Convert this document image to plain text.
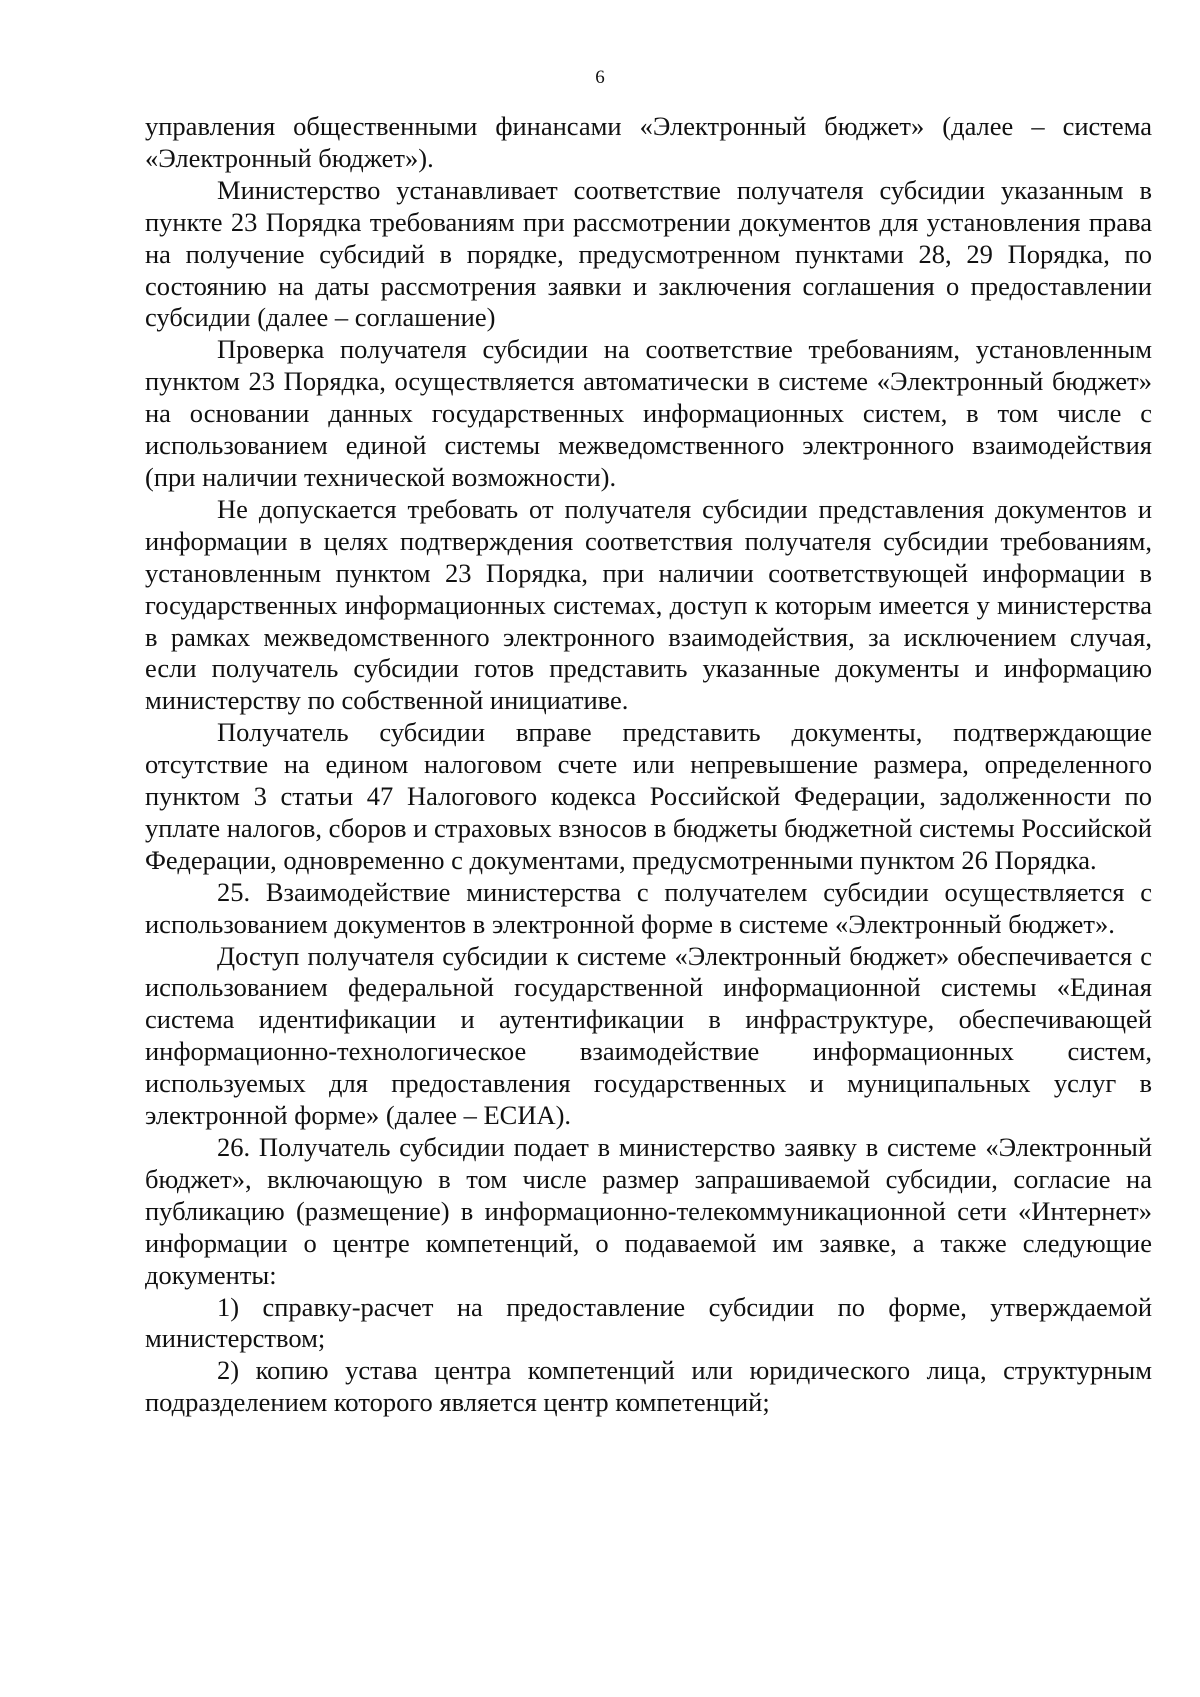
6

управления общественными финансами «Электронный бюджет» (далее – система «Электронный бюджет»).

Министерство устанавливает соответствие получателя субсидии указанным в пункте 23 Порядка требованиям при рассмотрении документов для установления права на получение субсидий в порядке, предусмотренном пунктами 28, 29 Порядка, по состоянию на даты рассмотрения заявки и заключения соглашения о предоставлении субсидии (далее – соглашение)

Проверка получателя субсидии на соответствие требованиям, установленным пунктом 23 Порядка, осуществляется автоматически в системе «Электронный бюджет» на основании данных государственных информационных систем, в том числе с использованием единой системы межведомственного электронного взаимодействия (при наличии технической возможности).

Не допускается требовать от получателя субсидии представления документов и информации в целях подтверждения соответствия получателя субсидии требованиям, установленным пунктом 23 Порядка, при наличии соответствующей информации в государственных информационных системах, доступ к которым имеется у министерства в рамках межведомственного электронного взаимодействия, за исключением случая, если получатель субсидии готов представить указанные документы и информацию министерству по собственной инициативе.

Получатель субсидии вправе представить документы, подтверждающие отсутствие на едином налоговом счете или непревышение размера, определенного пунктом 3 статьи 47 Налогового кодекса Российской Федерации, задолженности по уплате налогов, сборов и страховых взносов в бюджеты бюджетной системы Российской Федерации, одновременно с документами, предусмотренными пунктом 26 Порядка.

25. Взаимодействие министерства с получателем субсидии осуществляется с использованием документов в электронной форме в системе «Электронный бюджет».

Доступ получателя субсидии к системе «Электронный бюджет» обеспечивается с использованием федеральной государственной информационной системы «Единая система идентификации и аутентификации в инфраструктуре, обеспечивающей информационно-технологическое взаимодействие информационных систем, используемых для предоставления государственных и муниципальных услуг в электронной форме» (далее – ЕСИА).

26. Получатель субсидии подает в министерство заявку в системе «Электронный бюджет», включающую в том числе размер запрашиваемой субсидии, согласие на публикацию (размещение) в информационно-телекоммуникационной сети «Интернет» информации о центре компетенций, о подаваемой им заявке, а также следующие документы:

1) справку-расчет на предоставление субсидии по форме, утверждаемой министерством;

2) копию устава центра компетенций или юридического лица, структурным подразделением которого является центр компетенций;
